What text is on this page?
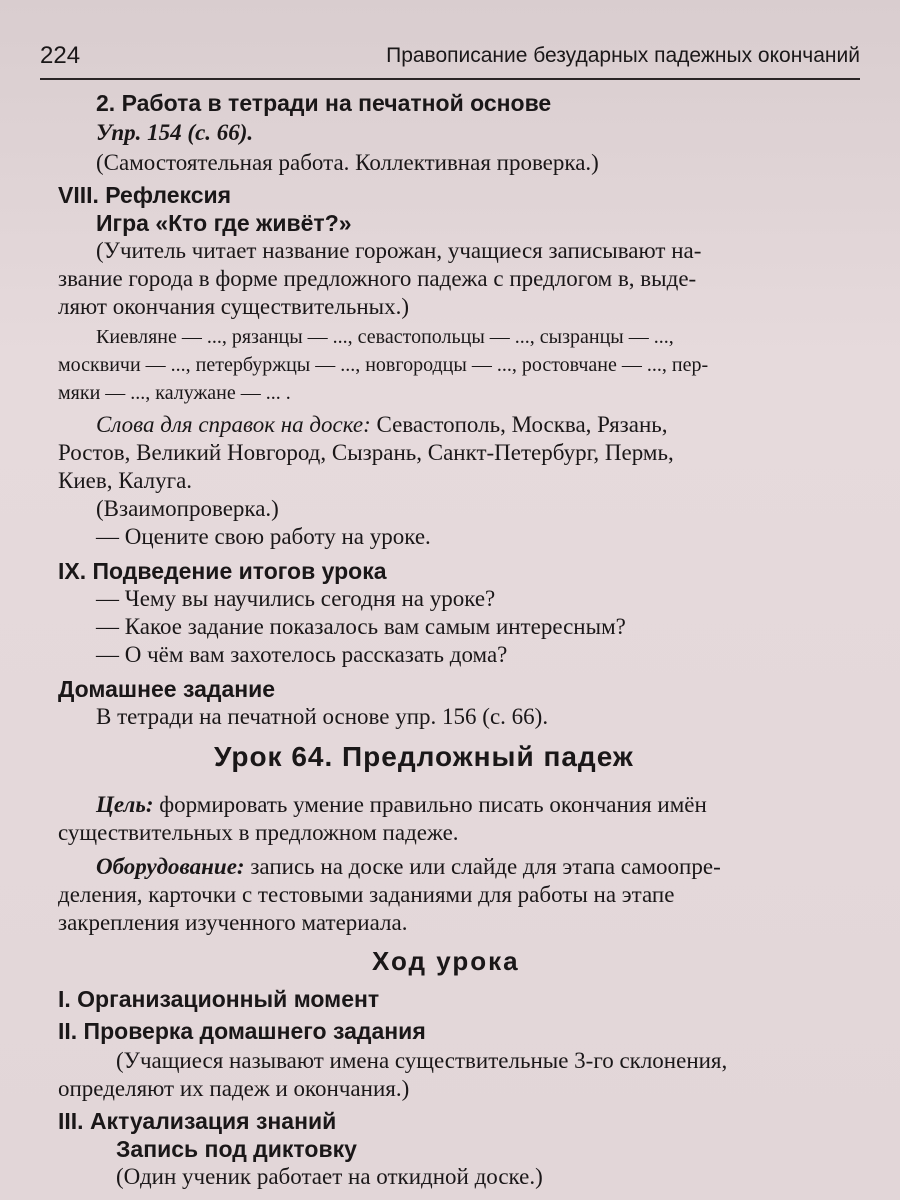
224	Правописание безударных падежных окончаний
2. Работа в тетради на печатной основе
Упр. 154 (с. 66).
(Самостоятельная работа. Коллективная проверка.)
VIII. Рефлексия
Игра «Кто где живёт?»
(Учитель читает название горожан, учащиеся записывают на-
звание города в форме предложного падежа с предлогом в, выде-
ляют окончания существительных.)
Киевляне — ..., рязанцы — ..., севастопольцы — ..., сызранцы — ...,
москвичи — ..., петербуржцы — ..., новгородцы — ..., ростовчане — ..., пер-
мяки — ..., калужане — ... .
Слова для справок на доске: Севастополь, Москва, Рязань,
Ростов, Великий Новгород, Сызрань, Санкт-Петербург, Пермь,
Киев, Калуга.
(Взаимопроверка.)
— Оцените свою работу на уроке.
IX. Подведение итогов урока
— Чему вы научились сегодня на уроке?
— Какое задание показалось вам самым интересным?
— О чём вам захотелось рассказать дома?
Домашнее задание
В тетради на печатной основе упр. 156 (с. 66).
Урок 64. Предложный падеж
Цель: формировать умение правильно писать окончания имён
существительных в предложном падеже.
Оборудование: запись на доске или слайде для этапа самоопре-
деления, карточки с тестовыми заданиями для работы на этапе
закрепления изученного материала.
Ход урока
I. Организационный момент
II. Проверка домашнего задания
(Учащиеся называют имена существительные 3-го склонения,
определяют их падеж и окончания.)
III. Актуализация знаний
Запись под диктовку
(Один ученик работает на откидной доске.)
